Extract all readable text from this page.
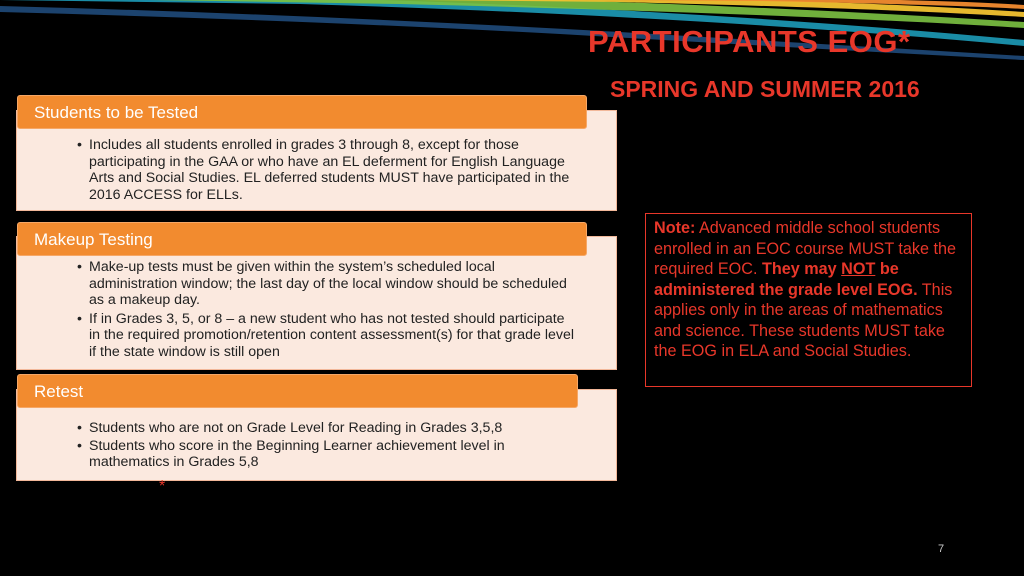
PARTICIPANTS EOG*
SPRING AND SUMMER 2016
• Includes all students enrolled in grades 3 through 8, except for those participating in the GAA or who have an EL deferment for English Language Arts and Social Studies. EL deferred students MUST have participated in the 2016 ACCESS for ELLs.
Students to be Tested
• Make-up tests must be given within the system’s scheduled local administration window; the last day of the local window should be scheduled as a makeup day.
• If in Grades 3, 5, or 8 – a new student who has not tested should participate in the required promotion/retention content assessment(s) for that grade level if the state window is still open
Makeup Testing
• Students who are not on Grade Level for Reading in Grades 3,5,8
• Students who score in the Beginning Learner achievement level in mathematics in Grades 5,8
Retest
*
Note: Advanced middle school students enrolled in an EOC course MUST take the required EOC. They may NOT be administered the grade level EOG. This applies only in the areas of mathematics and science. These students MUST take the EOG in ELA and Social Studies.
7
